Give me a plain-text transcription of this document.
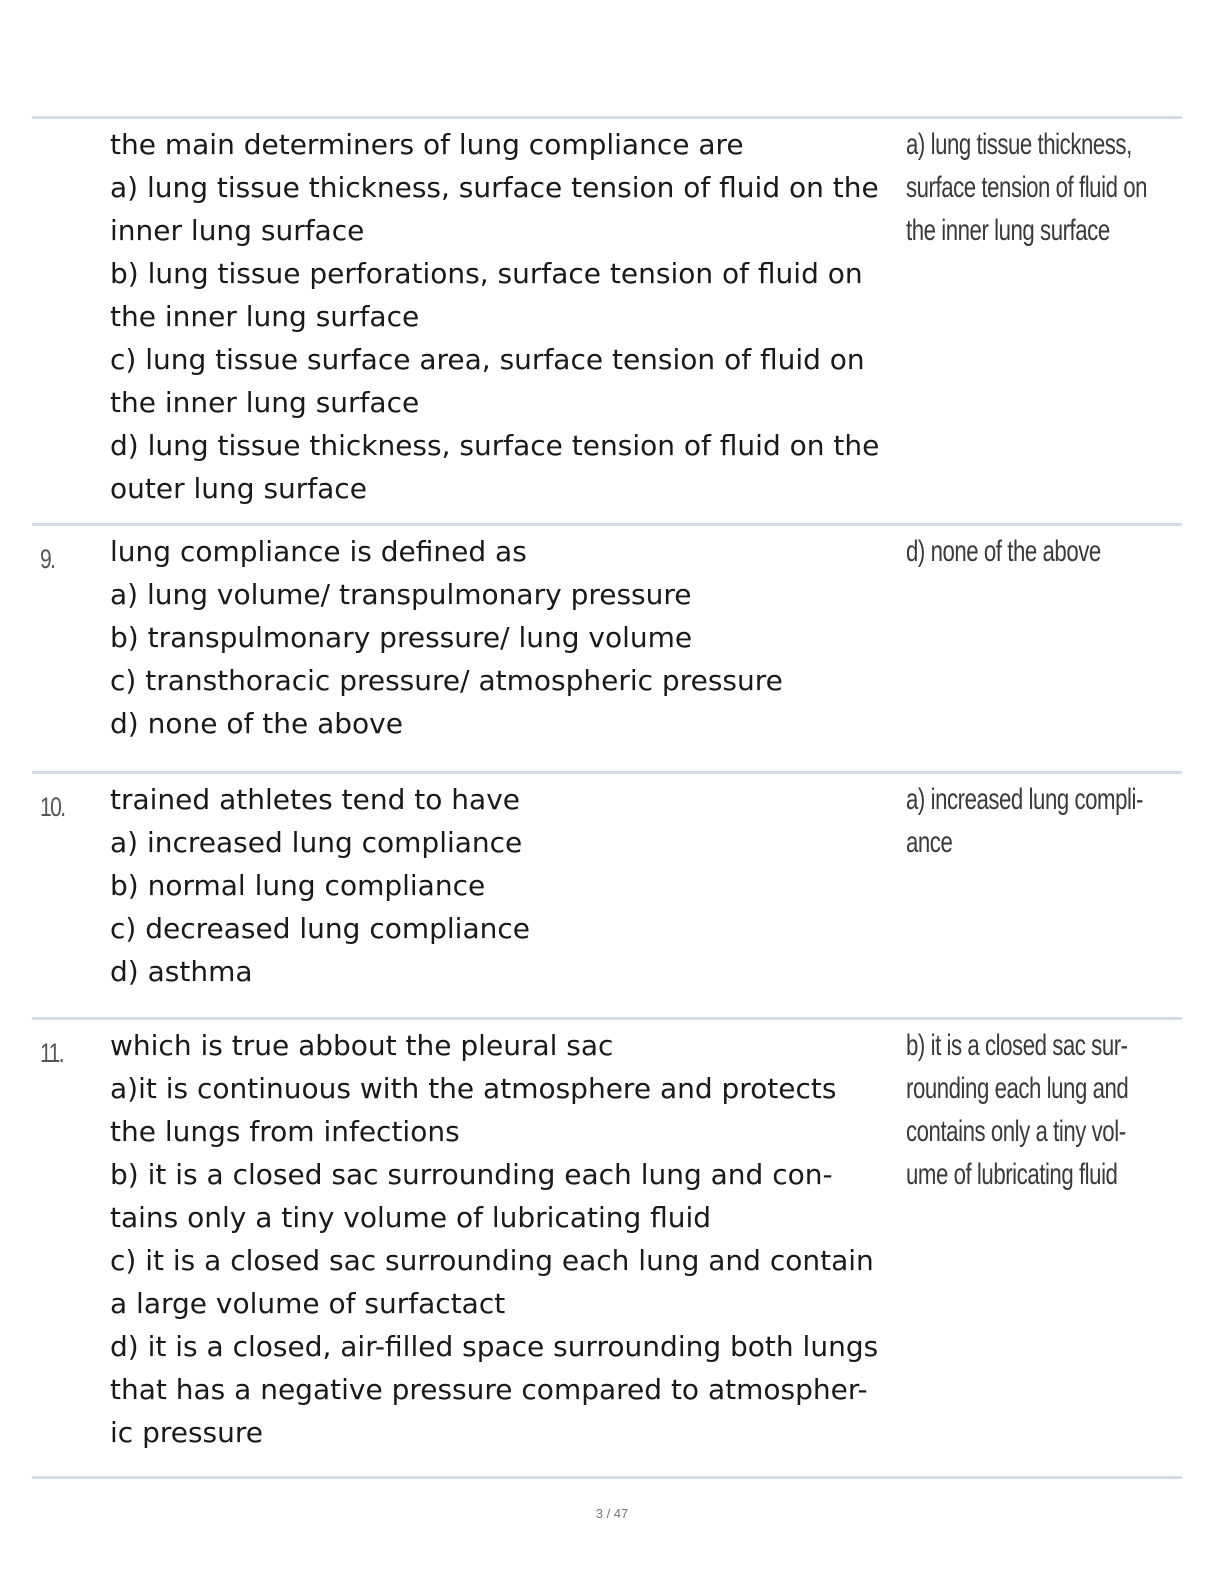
the main determiners of lung compliance are
a) lung tissue thickness, surface tension of fluid on the
inner lung surface
b) lung tissue perforations, surface tension of fluid on
the inner lung surface
c) lung tissue surface area, surface tension of fluid on
the inner lung surface
d) lung tissue thickness, surface tension of fluid on the
outer lung surface
a) lung tissue thickness,
surface tension of fluid on
the inner lung surface
9. lung compliance is defined as
a) lung volume/ transpulmonary pressure
b) transpulmonary pressure/ lung volume
c) transthoracic pressure/ atmospheric pressure
d) none of the above
d) none of the above
10. trained athletes tend to have
a) increased lung compliance
b) normal lung compliance
c) decreased lung compliance
d) asthma
a) increased lung compli-
ance
11. which is true abbout the pleural sac
a)it is continuous with the atmosphere and protects
the lungs from infections
b) it is a closed sac surrounding each lung and con-
tains only a tiny volume of lubricating fluid
c) it is a closed sac surrounding each lung and contain
a large volume of surfactact
d) it is a closed, air-filled space surrounding both lungs
that has a negative pressure compared to atmospher-
ic pressure
b) it is a closed sac sur-
rounding each lung and
contains only a tiny vol-
ume of lubricating fluid
3 / 47
